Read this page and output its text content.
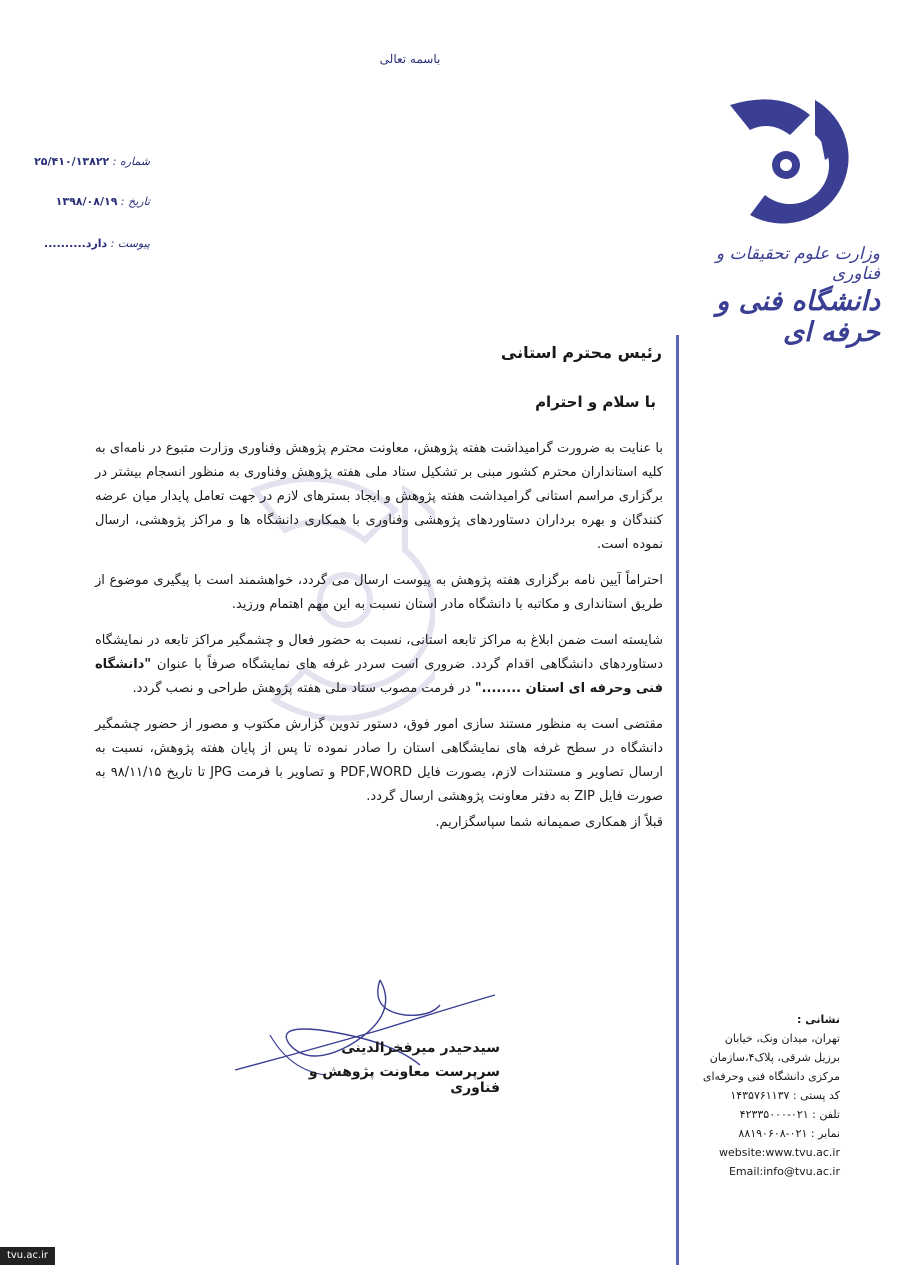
باسمه تعالی
شماره : ۲۵/۴۱۰/۱۳۸۲۲
تاریخ : ۱۳۹۸/۰۸/۱۹
پیوست : دارد..........
وزارت علوم تحقیقات و فناوری
دانشگاه فنی و حرفه ای
رئیس محترم استانی
با سلام و احترام

با عنایت به ضرورت گرامیداشت هفته پژوهش، معاونت محترم پژوهش وفناوری وزارت متبوع در نامه‌ای به کلیه استانداران محترم کشور مبنی بر تشکیل ستاد ملی هفته پژوهش وفناوری به منظور انسجام بیشتر در برگزاری مراسم استانی گرامیداشت هفته پژوهش و ایجاد بسترهای لازم در جهت تعامل پایدار میان عرضه کنندگان و بهره برداران دستاوردهای پژوهشی وفناوری با همکاری دانشگاه ها و مراکز پژوهشی، ارسال نموده است.

احتراماً آیین نامه برگزاری هفته پژوهش به پیوست ارسال می گردد، خواهشمند است با پیگیری موضوع از طریق استانداری و مکاتبه با دانشگاه مادر استان نسبت به این مهم اهتمام ورزید.

شایسته است ضمن ابلاغ به مراکز تابعه استانی، نسبت به حضور فعال و چشمگیر مراکز تابعه در نمایشگاه دستاوردهای دانشگاهی اقدام گردد. ضروری است سردر غرفه های نمایشگاه صرفاً با عنوان "دانشگاه فنی وحرفه ای استان ........" در فرمت مصوب ستاد ملی هفته پژوهش طراحی و نصب گردد.

مقتضی است به منظور مستند سازی امور فوق، دستور تدوین گزارش مکتوب و مصور از حضور چشمگیر دانشگاه در سطح غرفه های نمایشگاهی استان را صادر نموده تا پس از پایان هفته پژوهش، نسبت به ارسال تصاویر و مستندات لازم، بصورت فایل PDF,WORD و تصاویر با فرمت JPG تا تاریخ ۹۸/۱۱/۱۵ به صورت فایل ZIP به دفتر معاونت پژوهشی ارسال گردد.

قبلاً از همکاری صمیمانه شما سپاسگزاریم.

سیدحیدر میرفخرالدینی
سرپرست معاونت پژوهش و فناوری
نشانی :
تهران، میدان ونک، خیابان
برزیل شرقی، پلاک۴،سازمان
مرکزی دانشگاه فنی وحرفه‌ای
کد پستی : ۱۴۳۵۷۶۱۱۳۷
تلفن : ۰۲۱-۴۲۳۳۵۰۰۰
نمابر : ۰۲۱-۸۸۱۹۰۶۰۸
website:www.tvu.ac.ir
Email:info@tvu.ac.ir
tvu.ac.ir
